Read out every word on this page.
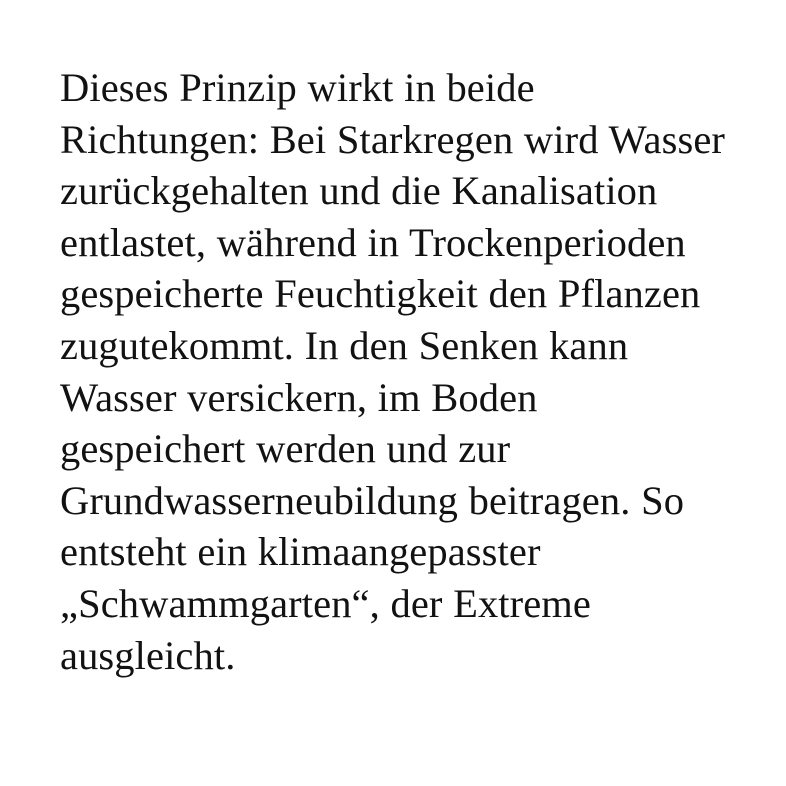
Dieses Prinzip wirkt in beide Richtungen: Bei Starkregen wird Wasser zurückgehalten und die Kanalisation entlastet, während in Trockenperioden gespeicherte Feuchtigkeit den Pflanzen zugutekommt. In den Senken kann Wasser versickern, im Boden gespeichert werden und zur Grundwasserneubildung beitragen. So entsteht ein klimaangepasster „Schwammgarten“, der Extreme ausgleicht.
